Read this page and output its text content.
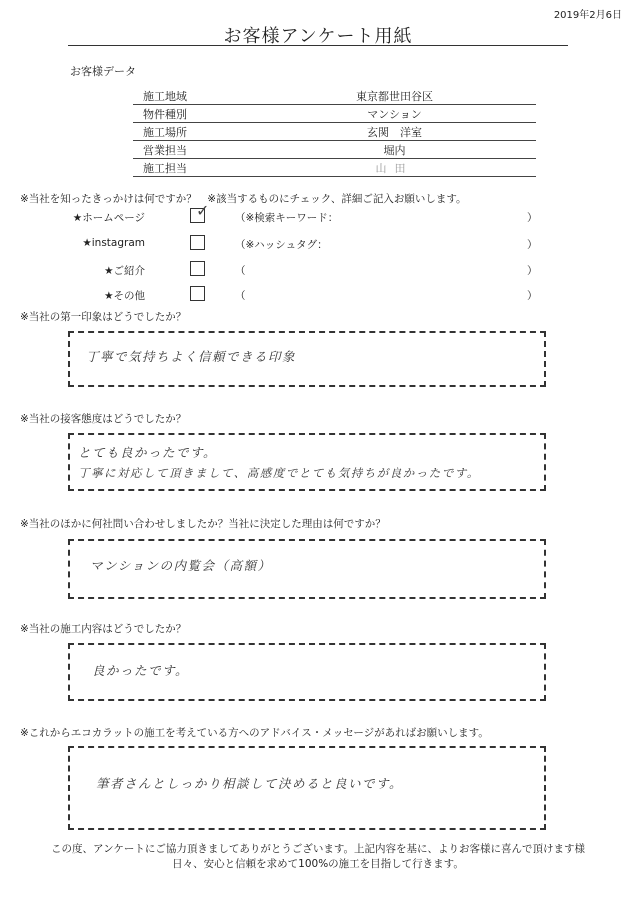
2019年2月6日
お客様アンケート用紙
お客様データ
施工地域	東京都世田谷区
物件種別	マンション
施工場所	玄関　洋室
営業担当	堀内
施工担当	山田
※当社を知ったきっかけは何ですか？　※該当するものにチェック、詳細ご記入お願いします。
★ホームページ	✓ （※検索キーワード：	）
★instagram	（※ハッシュタグ：	）
★ご紹介	（	）
★その他	（	）
※当社の第一印象はどうでしたか？
丁寧で気持ちよく信頼できる印象
※当社の接客態度はどうでしたか？
とても良かったです。
丁寧に対応して頂きまして、高感度でとても気持ちが良かったです。
※当社のほかに何社問い合わせしましたか？当社に決定した理由は何ですか？
マンションの内覧会（高額）
※当社の施工内容はどうでしたか？
良かったです。
※これからエコカラットの施工を考えている方へのアドバイス・メッセージがあればお願いします。
筆者さんとしっかり相談して決めると良いです。
この度、アンケートにご協力頂きましてありがとうございます。上記内容を基に、よりお客様に喜んで頂けます様
日々、安心と信頼を求めて100%の施工を目指して行きます。
